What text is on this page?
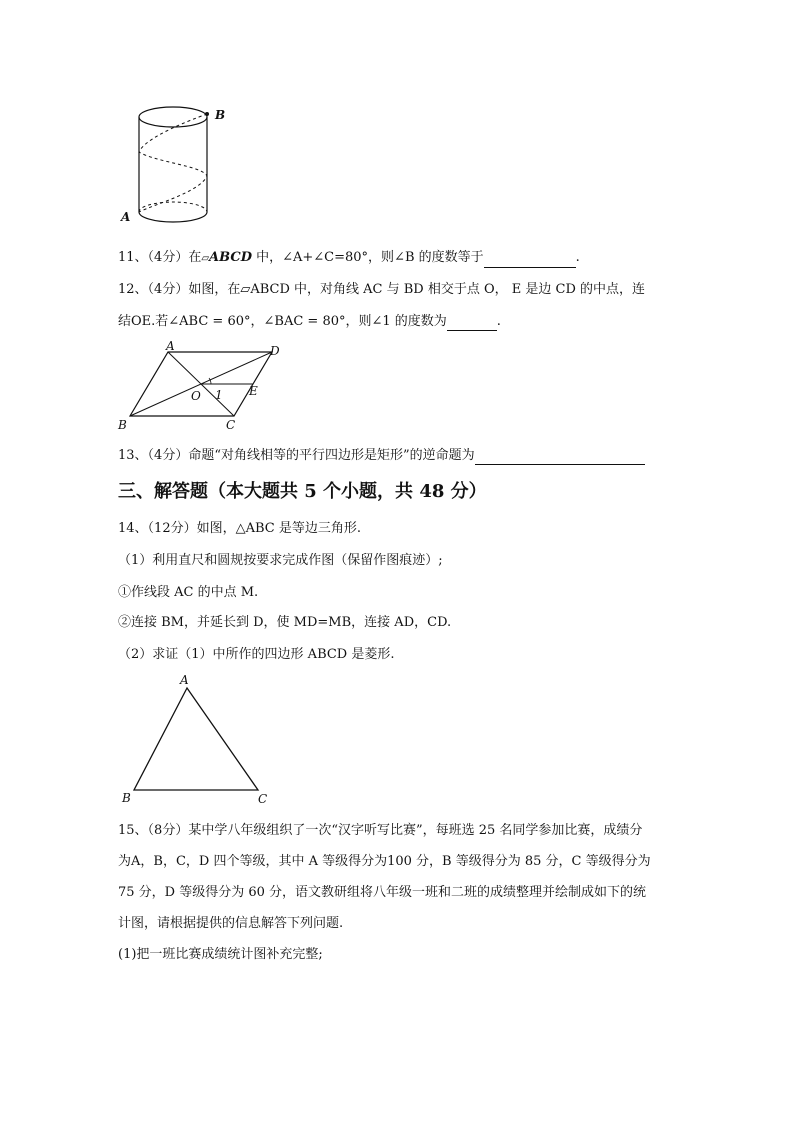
B
A
11、（4分）在▱ABCD 中，∠A+∠C=80°，则∠B 的度数等于	.
12、（4分）如图，在▱ABCD 中，对角线 AC 与 BD 相交于点 O， E 是边 CD 的中点，连
结OE.若∠ABC = 60°，∠BAC = 80°，则∠1 的度数为	.
A	D
O 1 E
C
B
13、（4分）命题“对角线相等的平行四边形是矩形”的逆命题为
三、解答题（本大题共 5 个小题，共 48 分）
14、（12分）如图，△ABC 是等边三角形.
（1）利用直尺和圆规按要求完成作图（保留作图痕迹）;
①作线段 AC 的中点 M.
②连接 BM，并延长到 D，使 MD=MB，连接 AD，CD.
（2）求证（1）中所作的四边形 ABCD 是菱形.
A
B	C
15、（8分）某中学八年级组织了一次“汉字听写比赛”，每班选 25 名同学参加比赛，成绩分
为A，B，C，D 四个等级，其中 A 等级得分为100 分，B 等级得分为 85 分，C 等级得分为
75 分，D 等级得分为 60 分，语文教研组将八年级一班和二班的成绩整理并绘制成如下的统
计图，请根据提供的信息解答下列问题.
(1)把一班比赛成绩统计图补充完整;
